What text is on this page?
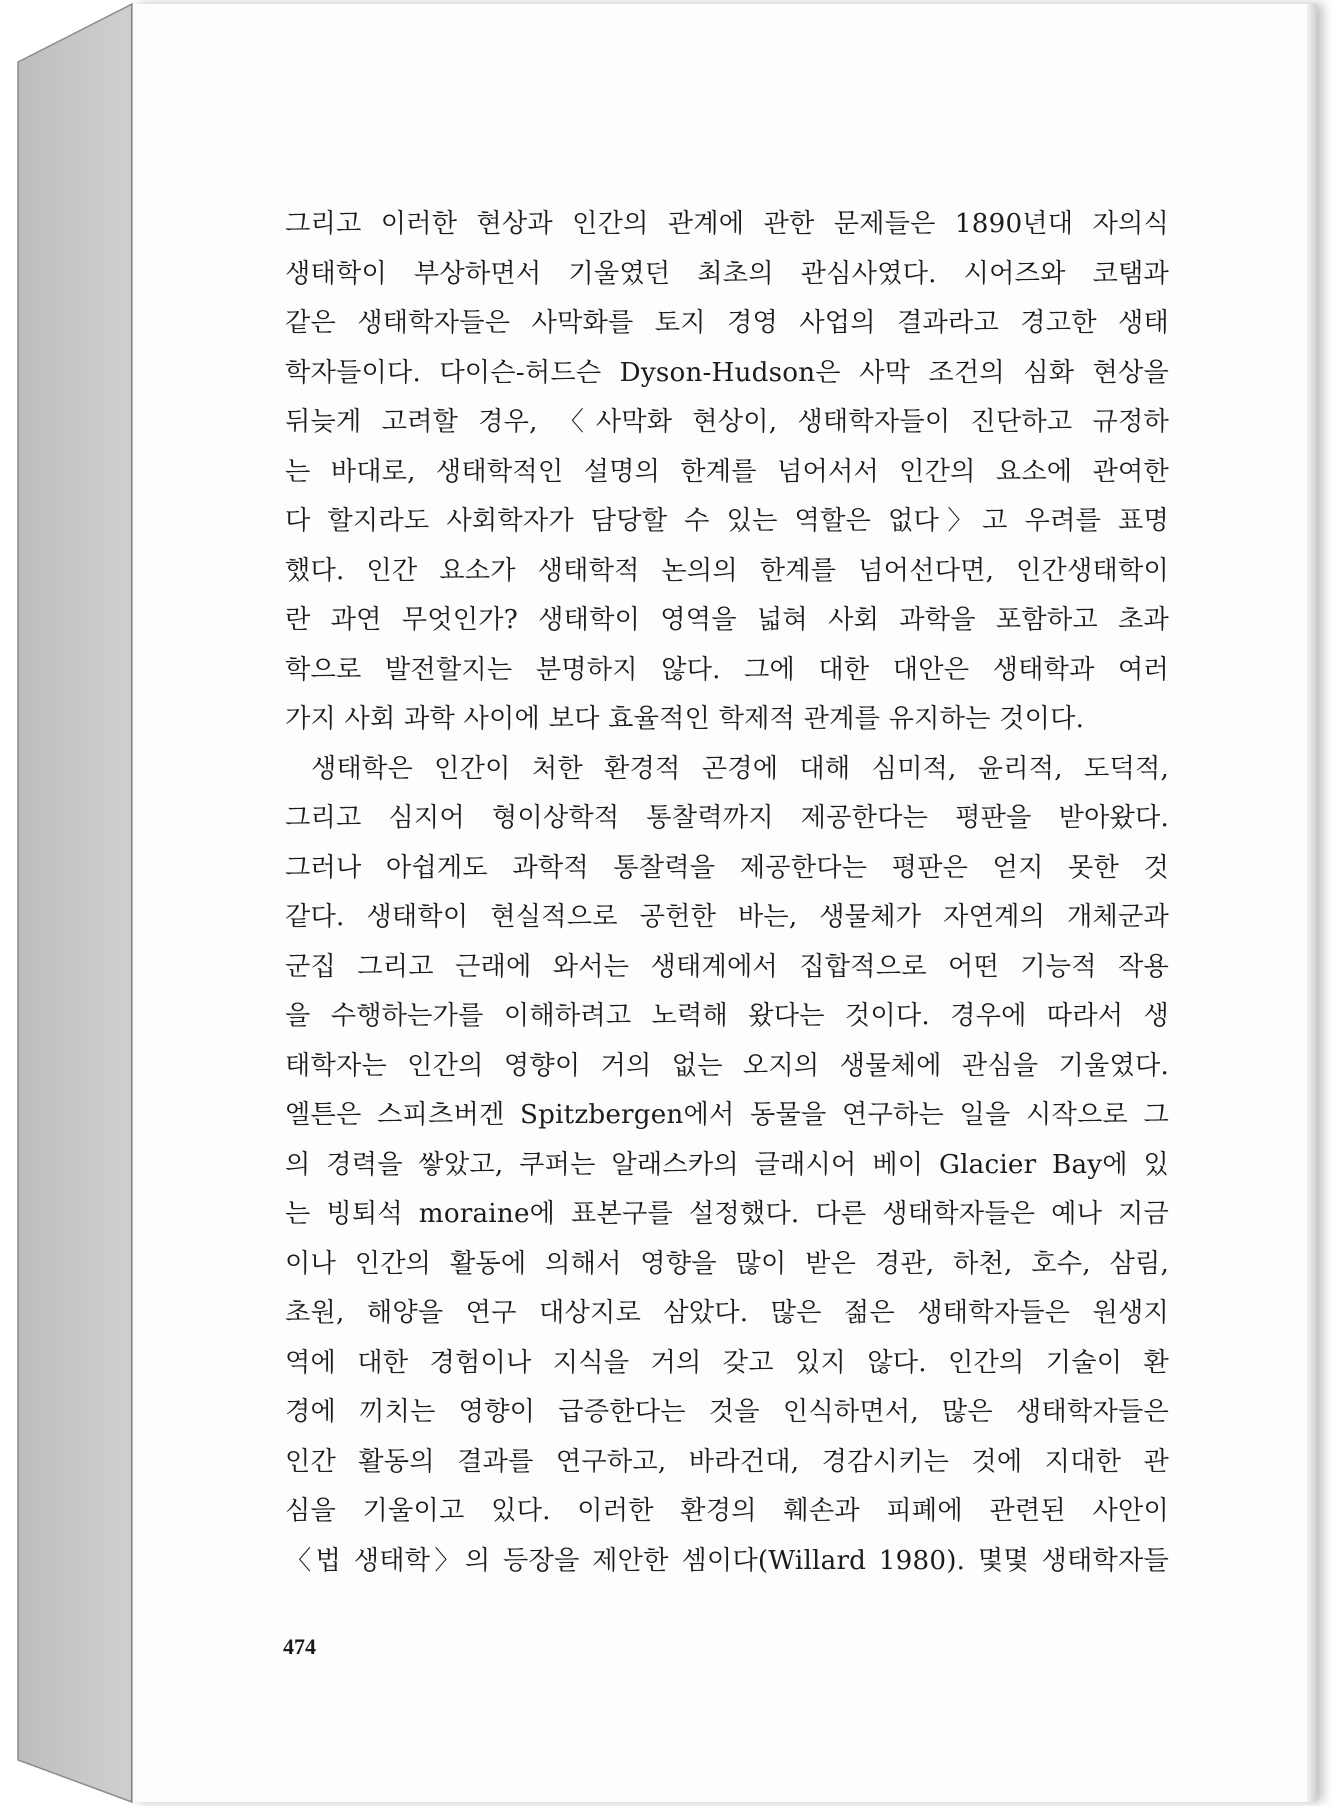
그리고 이러한 현상과 인간의 관계에 관한 문제들은 1890년대 자의식
생태학이 부상하면서 기울였던 최초의 관심사였다. 시어즈와 코탬과
같은 생태학자들은 사막화를 토지 경영 사업의 결과라고 경고한 생태
학자들이다. 다이슨-허드슨 Dyson-Hudson은 사막 조건의 심화 현상을
뒤늦게 고려할 경우, 〈사막화 현상이, 생태학자들이 진단하고 규정하
는 바대로, 생태학적인 설명의 한계를 넘어서서 인간의 요소에 관여한
다 할지라도 사회학자가 담당할 수 있는 역할은 없다〉고 우려를 표명
했다. 인간 요소가 생태학적 논의의 한계를 넘어선다면, 인간생태학이
란 과연 무엇인가? 생태학이 영역을 넓혀 사회 과학을 포함하고 초과
학으로 발전할지는 분명하지 않다. 그에 대한 대안은 생태학과 여러
가지 사회 과학 사이에 보다 효율적인 학제적 관계를 유지하는 것이다.
생태학은 인간이 처한 환경적 곤경에 대해 심미적, 윤리적, 도덕적,
그리고 심지어 형이상학적 통찰력까지 제공한다는 평판을 받아왔다.
그러나 아쉽게도 과학적 통찰력을 제공한다는 평판은 얻지 못한 것
같다. 생태학이 현실적으로 공헌한 바는, 생물체가 자연계의 개체군과
군집 그리고 근래에 와서는 생태계에서 집합적으로 어떤 기능적 작용
을 수행하는가를 이해하려고 노력해 왔다는 것이다. 경우에 따라서 생
태학자는 인간의 영향이 거의 없는 오지의 생물체에 관심을 기울였다.
엘튼은 스피츠버겐 Spitzbergen에서 동물을 연구하는 일을 시작으로 그
의 경력을 쌓았고, 쿠퍼는 알래스카의 글래시어 베이 Glacier Bay에 있
는 빙퇴석 moraine에 표본구를 설정했다. 다른 생태학자들은 예나 지금
이나 인간의 활동에 의해서 영향을 많이 받은 경관, 하천, 호수, 삼림,
초원, 해양을 연구 대상지로 삼았다. 많은 젊은 생태학자들은 원생지
역에 대한 경험이나 지식을 거의 갖고 있지 않다. 인간의 기술이 환
경에 끼치는 영향이 급증한다는 것을 인식하면서, 많은 생태학자들은
인간 활동의 결과를 연구하고, 바라건대, 경감시키는 것에 지대한 관
심을 기울이고 있다. 이러한 환경의 훼손과 피폐에 관련된 사안이
〈법 생태학〉의 등장을 제안한 셈이다(Willard 1980). 몇몇 생태학자들
474
